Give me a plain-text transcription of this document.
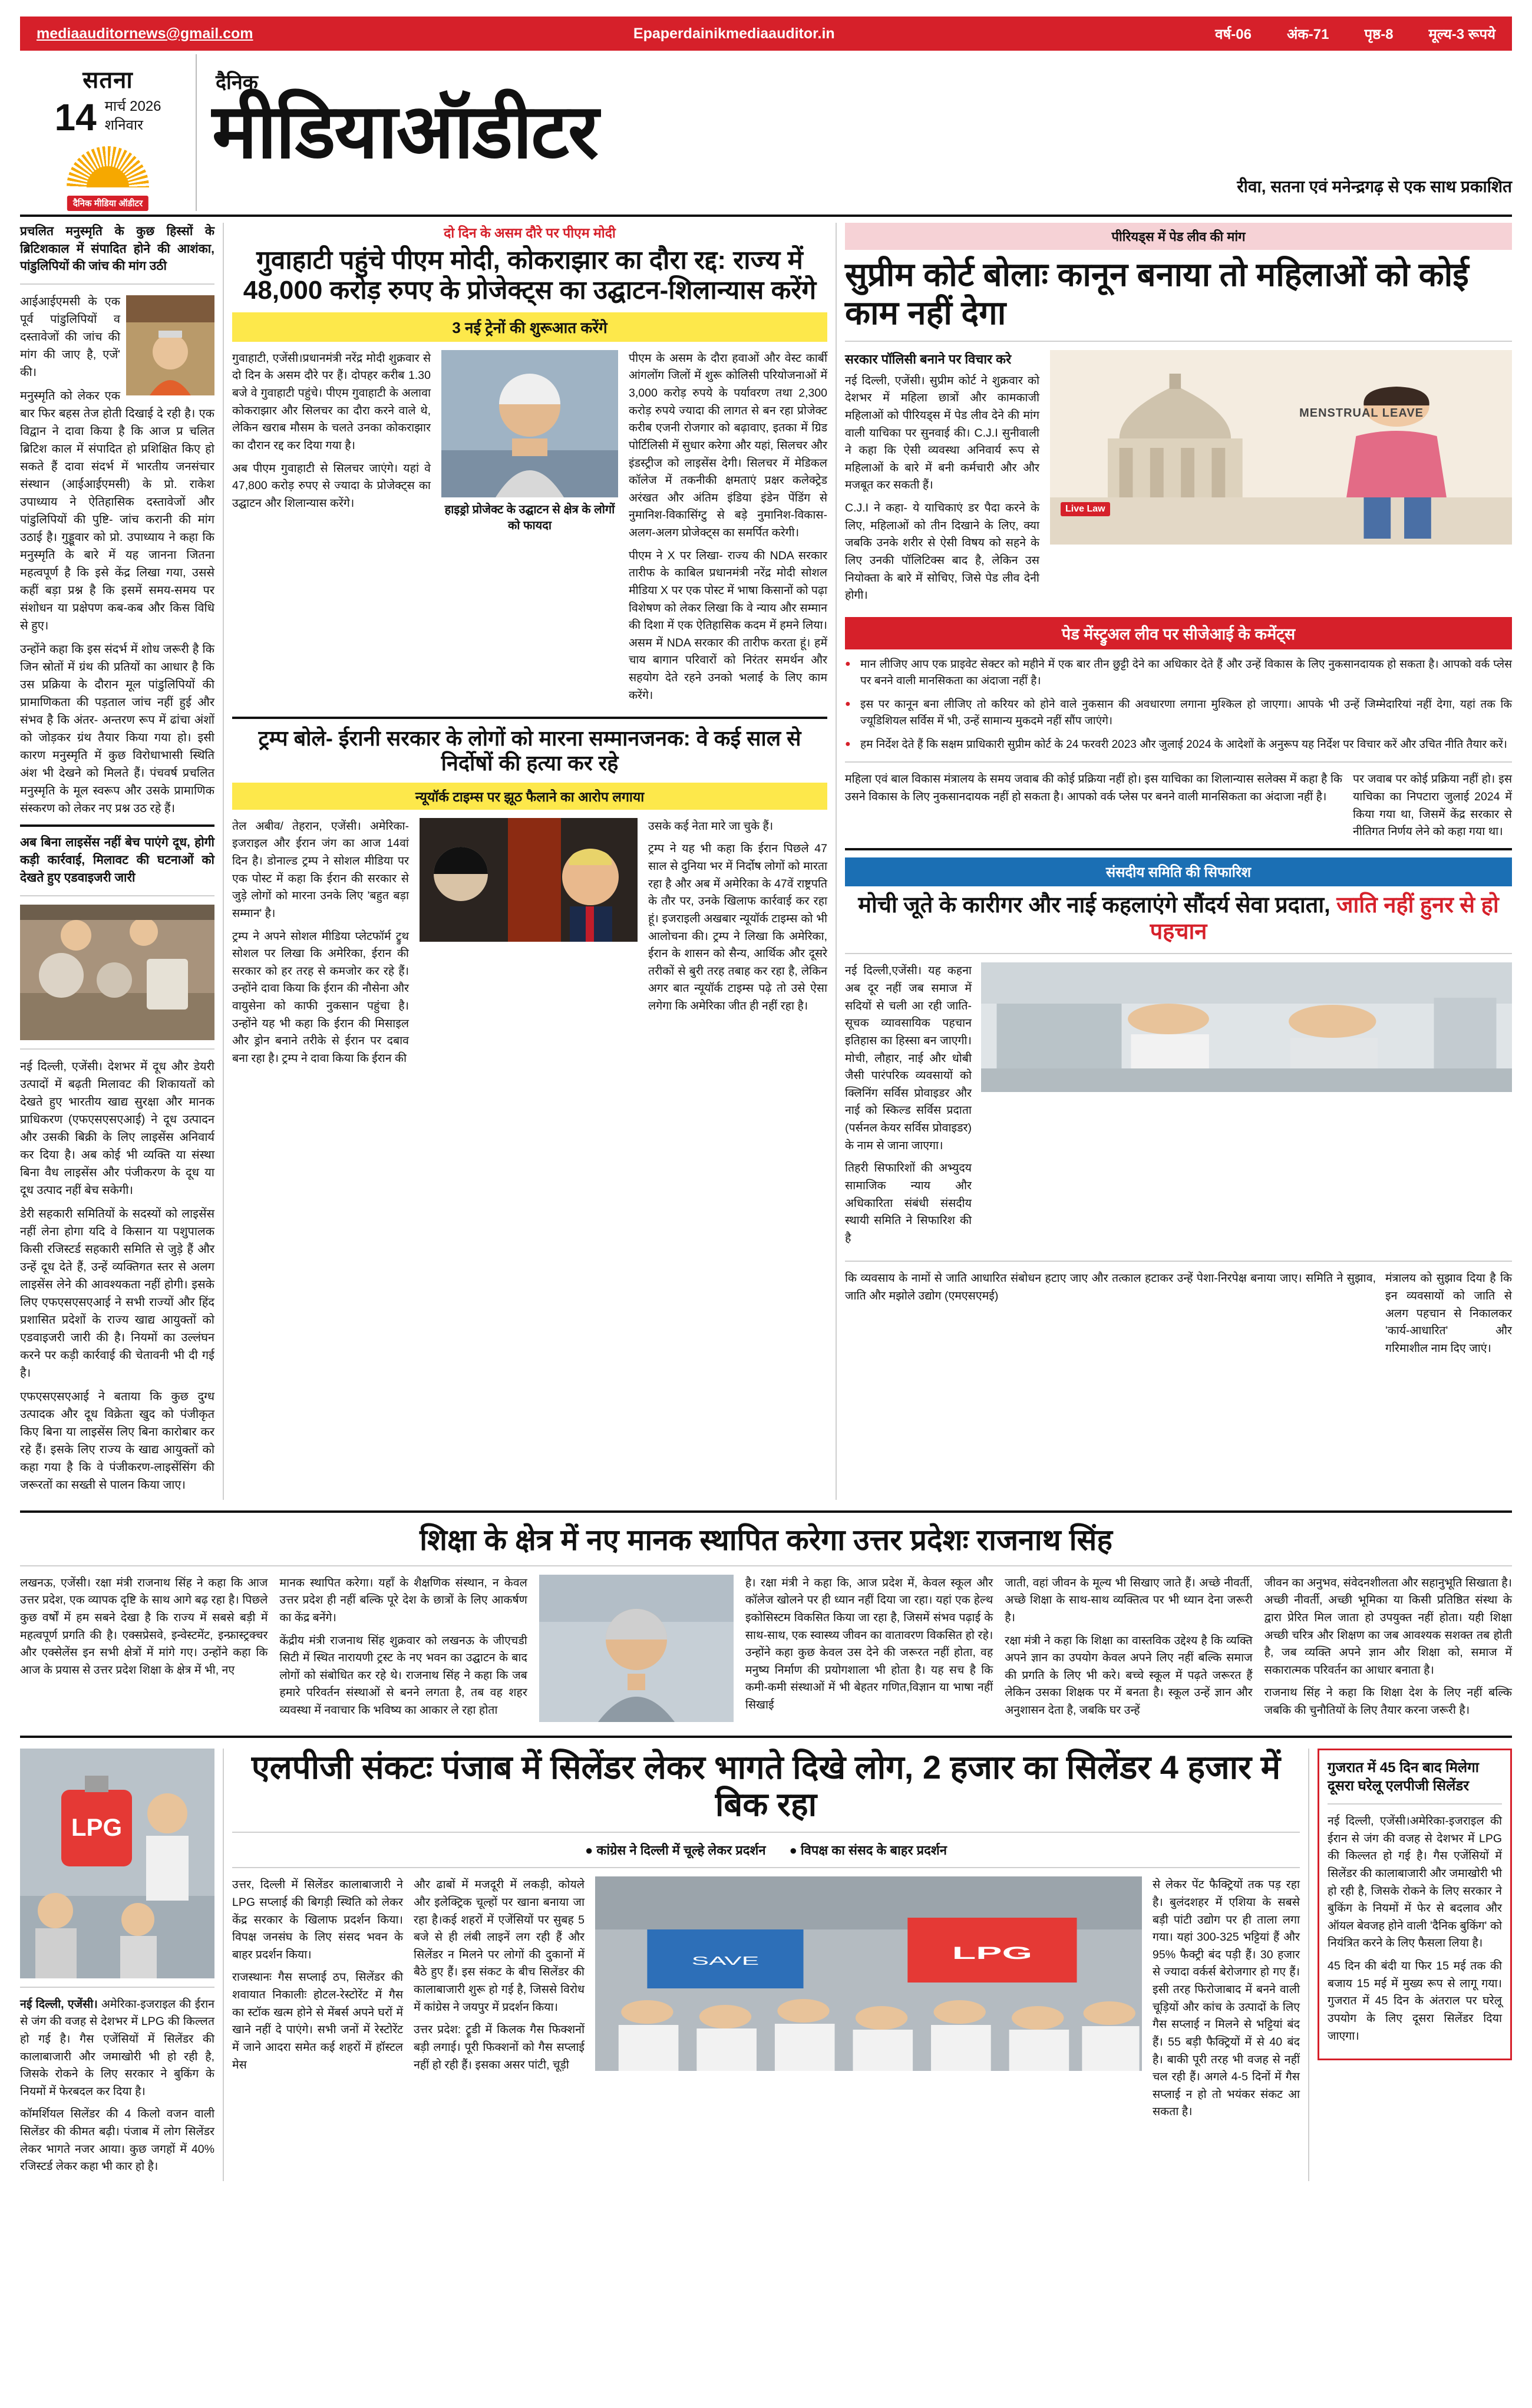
mediaauditornews@gmail.com	Epaperdainikmediaauditor.in	वर्ष-06	अंक-71	पृष्ठ-8	मूल्य-3 रूपये
सतना
14 मार्च 2026
शनिवार
दैनिक मीडिया ऑडीटर
दैनिक
मीडियाऑडीटर
रीवा, सतना एवं मनेन्द्रगढ़ से एक साथ प्रकाशित
प्रचलित मनुस्मृति के कुछ हिस्सों के ब्रिटिशकाल में संपादित होने की आशंका, पांडुलिपियों की जांच की मांग उठी

आईआईएमसी के एक पूर्व पांडुलिपियों व दस्तावेजों की जांच की मांग की जाए है, एजें' की।

मनुस्मृति को लेकर एक बार फिर बहस तेज होती दिखाई दे रही है। एक विद्वान ने दावा किया है कि आज प्र चलित ब्रिटिश काल में संपादित हो प्रशिक्षित किए हो सकते हैं दावा संदर्भ में भारतीय जनसंचार संस्थान (आईआईएमसी) के प्रो. राकेश उपाध्याय ने ऐतिहासिक दस्तावेजों और पांडुलिपियों की पुष्टि- जांच करानी की मांग उठाई है। गुड्डूवार को प्रो. उपाध्याय ने कहा कि मनुस्मृति के बारे में यह जानना जितना महत्वपूर्ण है कि इसे केंद्र लिखा गया, उससे कहीं बड़ा प्रश्न है कि इसमें समय-समय पर संशोधन या प्रक्षेपण कब-कब और किस विधि से हुए।

उन्होंने कहा कि इस संदर्भ में शोध जरूरी है कि जिन स्रोतों में ग्रंथ की प्रतियों का आधार है कि उस प्रक्रिया के दौरान मूल पांडुलिपियों की प्रामाणिकता की पड़ताल जांच नहीं हुई और संभव है कि अंतर- अन्तरण रूप में ढांचा अंशों को जोड़कर ग्रंथ तैयार किया गया हो। इसी कारण मनुस्मृति में कुछ विरोधाभासी स्थिति अंश भी देखने को मिलते हैं। पंचवर्ष प्रचलित मनुस्मृति के मूल स्वरूप और उसके प्रामाणिक संस्करण को लेकर नए प्रश्न उठ रहे हैं।

अब बिना लाइसेंस नहीं बेच पाएंगे दूध, होगी कड़ी कार्रवाई, मिलावट की घटनाओं को देखते हुए एडवाइजरी जारी

नई दिल्ली, एजेंसी। देशभर में दूध और डेयरी उत्पादों में बढ़ती मिलावट की शिकायतों को देखते हुए भारतीय खाद्य सुरक्षा और मानक प्राधिकरण (एफएसएसएआई) ने दूध उत्पादन और उसकी बिक्री के लिए लाइसेंस अनिवार्य कर दिया है। अब कोई भी व्यक्ति या संस्था बिना वैध लाइसेंस और पंजीकरण के दूध या दूध उत्पाद नहीं बेच सकेगी।

डेरी सहकारी समितियों के सदस्यों को लाइसेंस नहीं लेना होगा यदि वे किसान या पशुपालक किसी रजिस्टर्ड सहकारी समिति से जुड़े हैं और उन्हें दूध देते हैं, उन्हें व्यक्तिगत स्तर से अलग लाइसेंस लेने की आवश्यकता नहीं होगी। इसके लिए एफएसएसएआई ने सभी राज्यों और हिंद प्रशासित प्रदेशों के राज्य खाद्य आयुक्तों को एडवाइजरी जारी की है। नियमों का उल्लंघन करने पर कड़ी कार्रवाई की चेतावनी भी दी गई है।

एफएसएसएआई ने बताया कि कुछ दुग्ध उत्पादक और दूध विक्रेता खुद को पंजीकृत किए बिना या लाइसेंस लिए बिना कारोबार कर रहे हैं। इसके लिए राज्य के खाद्य आयुक्तों को कहा गया है कि वे पंजीकरण-लाइसेंसिंग की जरूरतों का सख्ती से पालन किया जाए।

दो दिन के असम दौरे पर पीएम मोदी
गुवाहाटी पहुंचे पीएम मोदी, कोकराझार का दौरा रद्द: राज्य में 48,000 करोड़ रुपए के प्रोजेक्ट्स का उद्घाटन-शिलान्यास करेंगे
3 नई ट्रेनों की शुरूआत करेंगे

गुवाहाटी, एजेंसी।प्रधानमंत्री नरेंद्र मोदी शुक्रवार से दो दिन के असम दौरे पर हैं। दोपहर करीब 1.30 बजे वे गुवाहाटी पहुंचे। पीएम गुवाहाटी के अलावा कोकराझार और सिलचर का दौरा करने वाले थे, लेकिन खराब मौसम के चलते उनका कोकराझार का दौरान रद्द कर दिया गया है।

अब पीएम गुवाहाटी से सिलचर जाएंगे। यहां वे 47,800 करोड़ रुपए से ज्यादा के प्रोजेक्ट्स का उद्घाटन और शिलान्यास करेंगे।	हाइड्रो प्रोजेक्ट के उद्घाटन से क्षेत्र के लोगों को फायदा

पीएम के असम के दौरा हवाओं और वेस्ट कार्बी आंगलोंग जिलों में शुरू कोलिसी परियोजनाओं में 3,000 करोड़ रुपये के पर्यावरण तथा 2,300 करोड़ रुपये ज्यादा की लागत से बन रहा प्रोजेक्ट करीब एजनी रोजगार को बढ़ावाए, इतका में ग्रिड पोर्टिलिसी में सुधार करेगा और यहां, सिलचर और इंडस्ट्रीज को लाइसेंस देगी। सिलचर में मेडिकल कॉलेज में तकनीकी क्षमताएं प्रक्षर कलेक्ट्रेड अरंखत और अंतिम इंडिया इंडेन पेंडिंग से नुमानिश-विकासिंग्टु से बड़े नुमानिश-विकास-अलग-अलग प्रोजेक्ट्स का समर्पित करेगी।

पीएम ने X पर लिखा- राज्य की NDA सरकार तारीफ के काबिल प्रधानमंत्री नरेंद्र मोदी सोशल मीडिया X पर एक पोस्ट में भाषा किसानों को पढ़ा विशेषण को लेकर लिखा कि वे न्याय और सम्मान की दिशा में एक ऐतिहासिक कदम में हमने लिया। असम में NDA सरकार की तारीफ करता हूं। हमें चाय बागान परिवारों को निरंतर समर्थन और सहयोग देते रहने उनको भलाई के लिए काम करेंगे।

ट्रम्प बोले- ईरानी सरकार के लोगों को मारना सम्मानजनक: वे कई साल से निर्दोषों की हत्या कर रहे
न्यूयॉर्क टाइम्स पर झूठ फैलाने का आरोप लगाया

तेल अबीव/ तेहरान, एजेंसी। अमेरिका-इजराइल और ईरान जंग का आज 14वां दिन है। डोनाल्ड ट्रम्प ने सोशल मीडिया पर एक पोस्ट में कहा कि ईरान की सरकार से जुड़े लोगों को मारना उनके लिए 'बहुत बड़ा सम्मान' है।

ट्रम्प ने अपने सोशल मीडिया प्लेटफॉर्म ट्रुथ सोशल पर लिखा कि अमेरिका, ईरान की सरकार को हर तरह से कमजोर कर रहे हैं। उन्होंने दावा किया कि ईरान की नौसेना और वायुसेना को काफी नुकसान पहुंचा है। उन्होंने यह भी कहा कि ईरान की मिसाइल और ड्रोन बनाने तरीके से ईरान पर दबाव बना रहा है। ट्रम्प ने दावा किया कि ईरान की

उसके कई नेता मारे जा चुके हैं।

ट्रम्प ने यह भी कहा कि ईरान पिछले 47 साल से दुनिया भर में निर्दोष लोगों को मारता रहा है और अब में अमेरिका के 47वें राष्ट्रपति के तौर पर, उनके खिलाफ कार्रवाई कर रहा हूं। इजराइली अखबार न्यूयॉर्क टाइम्स को भी आलोचना की। ट्रम्प ने लिखा कि अमेरिका, ईरान के शासन को सैन्य, आर्थिक और दूसरे तरीकों से बुरी तरह तबाह कर रहा है, लेकिन अगर बात न्यूयॉर्क टाइम्स पढ़े तो उसे ऐसा लगेगा कि अमेरिका जीत ही नहीं रहा है।

पीरियड्स में पेड लीव की मांग
सुप्रीम कोर्ट बोलाः कानून बनाया तो महिलाओं को कोई काम नहीं देगा
सरकार पॉलिसी बनाने पर विचार करे

नई दिल्ली, एजेंसी। सुप्रीम कोर्ट ने शुक्रवार को देशभर में महिला छात्रों और कामकाजी महिलाओं को पीरियड्स में पेड लीव देने की मांग वाली याचिका पर सुनवाई की। C.J.I सुनीवाली ने कहा कि ऐसी व्यवस्था अनिवार्य रूप से महिलाओं के बारे में बनी कर्मचारी और और मजबूत कर सकती हैं।

C.J.I ने कहा- ये याचिकाएं डर पैदा करने के लिए, महिलाओं को तीन दिखाने के लिए, क्या जबकि उनके शरीर से ऐसी विषय को सहने के लिए उनकी पॉलिटिक्स बाद है, लेकिन उस नियोक्ता के बारे में सोचिए, जिसे पेड लीव देनी होगी।

MENSTRUAL LEAVE
Live Law
पेड मेंस्ट्रुअल लीव पर सीजेआई के कमेंट्स
● मान लीजिए आप एक प्राइवेट सेक्टर को महीने में एक बार तीन छुट्टी देने का अधिकार देते हैं और उन्हें विकास के लिए नुकसानदायक हो सकता है। आपको वर्क प्लेस पर बनने वाली मानसिकता का अंदाजा नहीं है।
● इस पर कानून बना लीजिए तो करियर को होने वाले नुकसान की अवधारणा लगाना मुश्किल हो जाएगा। आपके भी उन्हें जिम्मेदारियां नहीं देगा, यहां तक कि ज्यूडिशियल सर्विस में भी, उन्हें सामान्य मुकदमे नहीं सौंप जाएंगे।
● हम निर्देश देते हैं कि सक्षम प्राधिकारी सुप्रीम कोर्ट के 24 फरवरी 2023 और जुलाई 2024 के आदेशों के अनुरूप यह निर्देश पर विचार करें और उचित नीति तैयार करें।
महिला एवं बाल विकास मंत्रालय के समय जवाब की कोई प्रक्रिया नहीं हो। इस याचिका का शिलान्यास सलेक्स में कहा है कि उसने विकास के लिए नुकसानदायक नहीं हो सकता है। आपको वर्क प्लेस पर बनने वाली मानसिकता का अंदाजा नहीं है।
पर जवाब पर कोई प्रक्रिया नहीं हो। इस याचिका का निपटारा जुलाई 2024 में किया गया था, जिसमें केंद्र सरकार से नीतिगत निर्णय लेने को कहा गया था।
संसदीय समिति की सिफारिश
मोची जूते के कारीगर और नाई कहलाएंगे सौंदर्य सेवा प्रदाता, जाति नहीं हुनर से हो पहचान

नई दिल्ली,एजेंसी। यह कहना अब दूर नहीं जब समाज में सदियों से चली आ रही जाति-सूचक व्यावसायिक पहचान इतिहास का हिस्सा बन जाएगी। मोची, लौहार, नाई और धोबी जैसी पारंपरिक व्यवसायों को क्लिनिंग सर्विस प्रोवाइडर और नाई को स्किल्ड सर्विस प्रदाता (पर्सनल केयर सर्विस प्रोवाइडर) के नाम से जाना जाएगा।

तिहरी सिफारिशों की अभ्युदय सामाजिक न्याय और अधिकारिता संबंधी संसदीय स्थायी समिति ने सिफारिश की है

कि व्यवसाय के नामों से जाति आधारित संबोधन हटाए जाए और तत्काल हटाकर उन्हें पेशा-निरपेक्ष बनाया जाए। समिति ने सुझाव, जाति और मझोले उद्योग (एमएसएमई)
मंत्रालय को सुझाव दिया है कि इन व्यवसायों को जाति से अलग पहचान से निकालकर 'कार्य-आधारित' और गरिमाशील नाम दिए जाएं।
शिक्षा के क्षेत्र में नए मानक स्थापित करेगा उत्तर प्रदेशः राजनाथ सिंह

लखनऊ, एजेंसी। रक्षा मंत्री राजनाथ सिंह ने कहा कि आज उत्तर प्रदेश, एक व्यापक दृष्टि के साथ आगे बढ़ रहा है। पिछले कुछ वर्षों में हम सबने देखा है कि राज्य में सबसे बड़ी में महत्वपूर्ण प्रगति की है। एक्सप्रेसवे, इन्वेस्टमेंट, इन्फ्रास्ट्रक्चर और एक्सेलेंस इन सभी क्षेत्रों में मांगे गए। उन्होंने कहा कि आज के प्रयास से उत्तर प्रदेश शिक्षा के क्षेत्र में भी, नए

मानक स्थापित करेगा। यहाँ के शैक्षणिक संस्थान, न केवल उत्तर प्रदेश ही नहीं बल्कि पूरे देश के छात्रों के लिए आकर्षण का केंद्र बनेंगे।

केंद्रीय मंत्री राजनाथ सिंह शुक्रवार को लखनऊ के जीएचडी सिटी में स्थित नारायणी ट्रस्ट के नए भवन का उद्घाटन के बाद लोगों को संबोधित कर रहे थे। राजनाथ सिंह ने कहा कि जब हमारे परिवर्तन संस्थाओं से बनने लगता है, तब वह शहर व्यवस्था में नवाचार कि भविष्य का आकार ले रहा होता

है। रक्षा मंत्री ने कहा कि, आज प्रदेश में, केवल स्कूल और कॉलेज खोलने पर ही ध्यान नहीं दिया जा रहा। यहां एक हेल्थ इकोसिस्टम विकसित किया जा रहा है, जिसमें संभव पढ़ाई के साथ-साथ, एक स्वास्थ्य जीवन का वातावरण विकसित हो रहे। उन्होंने कहा कुछ केवल उस देने की जरूरत नहीं होता, वह मनुष्य निर्माण की प्रयोगशाला भी होता है। यह सच है कि कमी-कमी संस्थाओं में भी बेहतर गणित,विज्ञान या भाषा नहीं सिखाई

जाती, वहां जीवन के मूल्य भी सिखाए जाते हैं। अच्छे नीवर्ती, अच्छे शिक्षा के साथ-साथ व्यक्तित्व पर भी ध्यान देना जरूरी है।

रक्षा मंत्री ने कहा कि शिक्षा का वास्तविक उद्देश्य है कि व्यक्ति अपने ज्ञान का उपयोग केवल अपने लिए नहीं बल्कि समाज की प्रगति के लिए भी करे। बच्चे स्कूल में पढ़ते जरूरत हैं लेकिन उसका शिक्षक पर में बनता है। स्कूल उन्हें ज्ञान और अनुशासन देता है, जबकि घर उन्हें

जीवन का अनुभव, संवेदनशीलता और सहानुभूति सिखाता है। अच्छी नीवर्ती, अच्छी भूमिका या किसी प्रतिष्ठित संस्था के द्वारा प्रेरित मिल जाता हो उपयुक्त नहीं होता। यही शिक्षा अच्छी चरित्र और शिक्षण का जब आवश्यक सशक्त तब होती है, जब व्यक्ति अपने ज्ञान और शिक्षा को, समाज में सकारात्मक परिवर्तन का आधार बनाता है।

राजनाथ सिंह ने कहा कि शिक्षा देश के लिए नहीं बल्कि जबकि की चुनौतियों के लिए तैयार करना जरूरी है।

LPG

नई दिल्ली, एजेंसी। अमेरिका-इजराइल की ईरान से जंग की वजह से देशभर में LPG की किल्लत हो गई है। गैस एजेंसियों में सिलेंडर की कालाबाजारी और जमाखोरी भी हो रही है, जिसके रोकने के लिए सरकार ने बुकिंग के नियमों में फेरबदल कर दिया है।

कॉमर्शियल सिलेंडर की 4 किलो वजन वाली सिलेंडर की कीमत बढ़ी। पंजाब में लोग सिलेंडर लेकर भागते नजर आया। कुछ जगहों में 40% रजिस्टर्ड लेकर कहा भी कार हो है।

एलपीजी संकटः पंजाब में सिलेंडर लेकर भागते दिखे लोग, 2 हजार का सिलेंडर 4 हजार में बिक रहा
● कांग्रेस ने दिल्ली में चूल्हे लेकर प्रदर्शन	● विपक्ष का संसद के बाहर प्रदर्शन

उत्तर, दिल्ली में सिलेंडर कालाबाजारी ने LPG सप्लाई की बिगड़ी स्थिति को लेकर केंद्र सरकार के खिलाफ प्रदर्शन किया। विपक्ष जनसंघ के लिए संसद भवन के बाहर प्रदर्शन किया।

राजस्थानः गैस सप्लाई ठप, सिलेंडर की शवायात निकालीः होटल-रेस्टोरेंट में गैस का स्टॉक खत्म होने से मेंबर्स अपने घरों में खाने नहीं दे पाएंगे। सभी जनों में रेस्टोरेंट में जाने आदरा समेत कई शहरों में हॉस्टल मेस

और ढाबों में मजदूरी में लकड़ी, कोयले और इलेक्ट्रिक चूल्हों पर खाना बनाया जा रहा है।कई शहरों में एजेंसियों पर सुबह 5 बजे से ही लंबी लाइनें लग रही हैं और सिलेंडर न मिलने पर लोगों की दुकानों में बैठे हुए हैं। इस संकट के बीच सिलेंडर की कालाबाजारी शुरू हो गई है, जिससे विरोध में कांग्रेस ने जयपुर में प्रदर्शन किया।

उत्तर प्रदेश: ट्रूडी में किलक गैस फिक्शनों बड़ी लगाई। पूरी फिक्शनों को गैस सप्लाई नहीं हो रही हैं। इसका असर पांटी, चूड़ी

SAVE	LPG

से लेकर पेंट फैक्ट्रियों तक पड़ रहा है। बुलंदशहर में एशिया के सबसे बड़ी पांटी उद्योग पर ही ताला लगा गया। यहां 300-325 भट्टियां हैं और 95% फैक्ट्री बंद पड़ी हैं। 30 हजार से ज्यादा वर्कर्स बेरोजगार हो गए हैं। इसी तरह फिरोजाबाद में बनने वाली चूड़ियों और कांच के उत्पादों के लिए गैस सप्लाई न मिलने से भट्टियां बंद हैं। 55 बड़ी फैक्ट्रियों में से 40 बंद है। बाकी पूरी तरह भी वजह से नहीं चल रही हैं। अगले 4-5 दिनों में गैस सप्लाई न हो तो भयंकर संकट आ सकता है।

गुजरात में 45 दिन बाद मिलेगा दूसरा घरेलू एलपीजी सिलेंडर

नई दिल्ली, एजेंसी।अमेरिका-इजराइल की ईरान से जंग की वजह से देशभर में LPG की किल्लत हो गई है। गैस एजेंसियों में सिलेंडर की कालाबाजारी और जमाखोरी भी हो रही है, जिसके रोकने के लिए सरकार ने बुकिंग के नियमों में फेर से बदलाव और ऑयल बेवजह होने वाली 'दैनिक बुकिंग' को नियंत्रित करने के लिए फैसला लिया है।

45 दिन की बंदी या फिर 15 मई तक की बजाय 15 मई में मुख्य रूप से लागू गया। गुजरात में 45 दिन के अंतराल पर घरेलू उपयोग के लिए दूसरा सिलेंडर दिया जाएगा।
